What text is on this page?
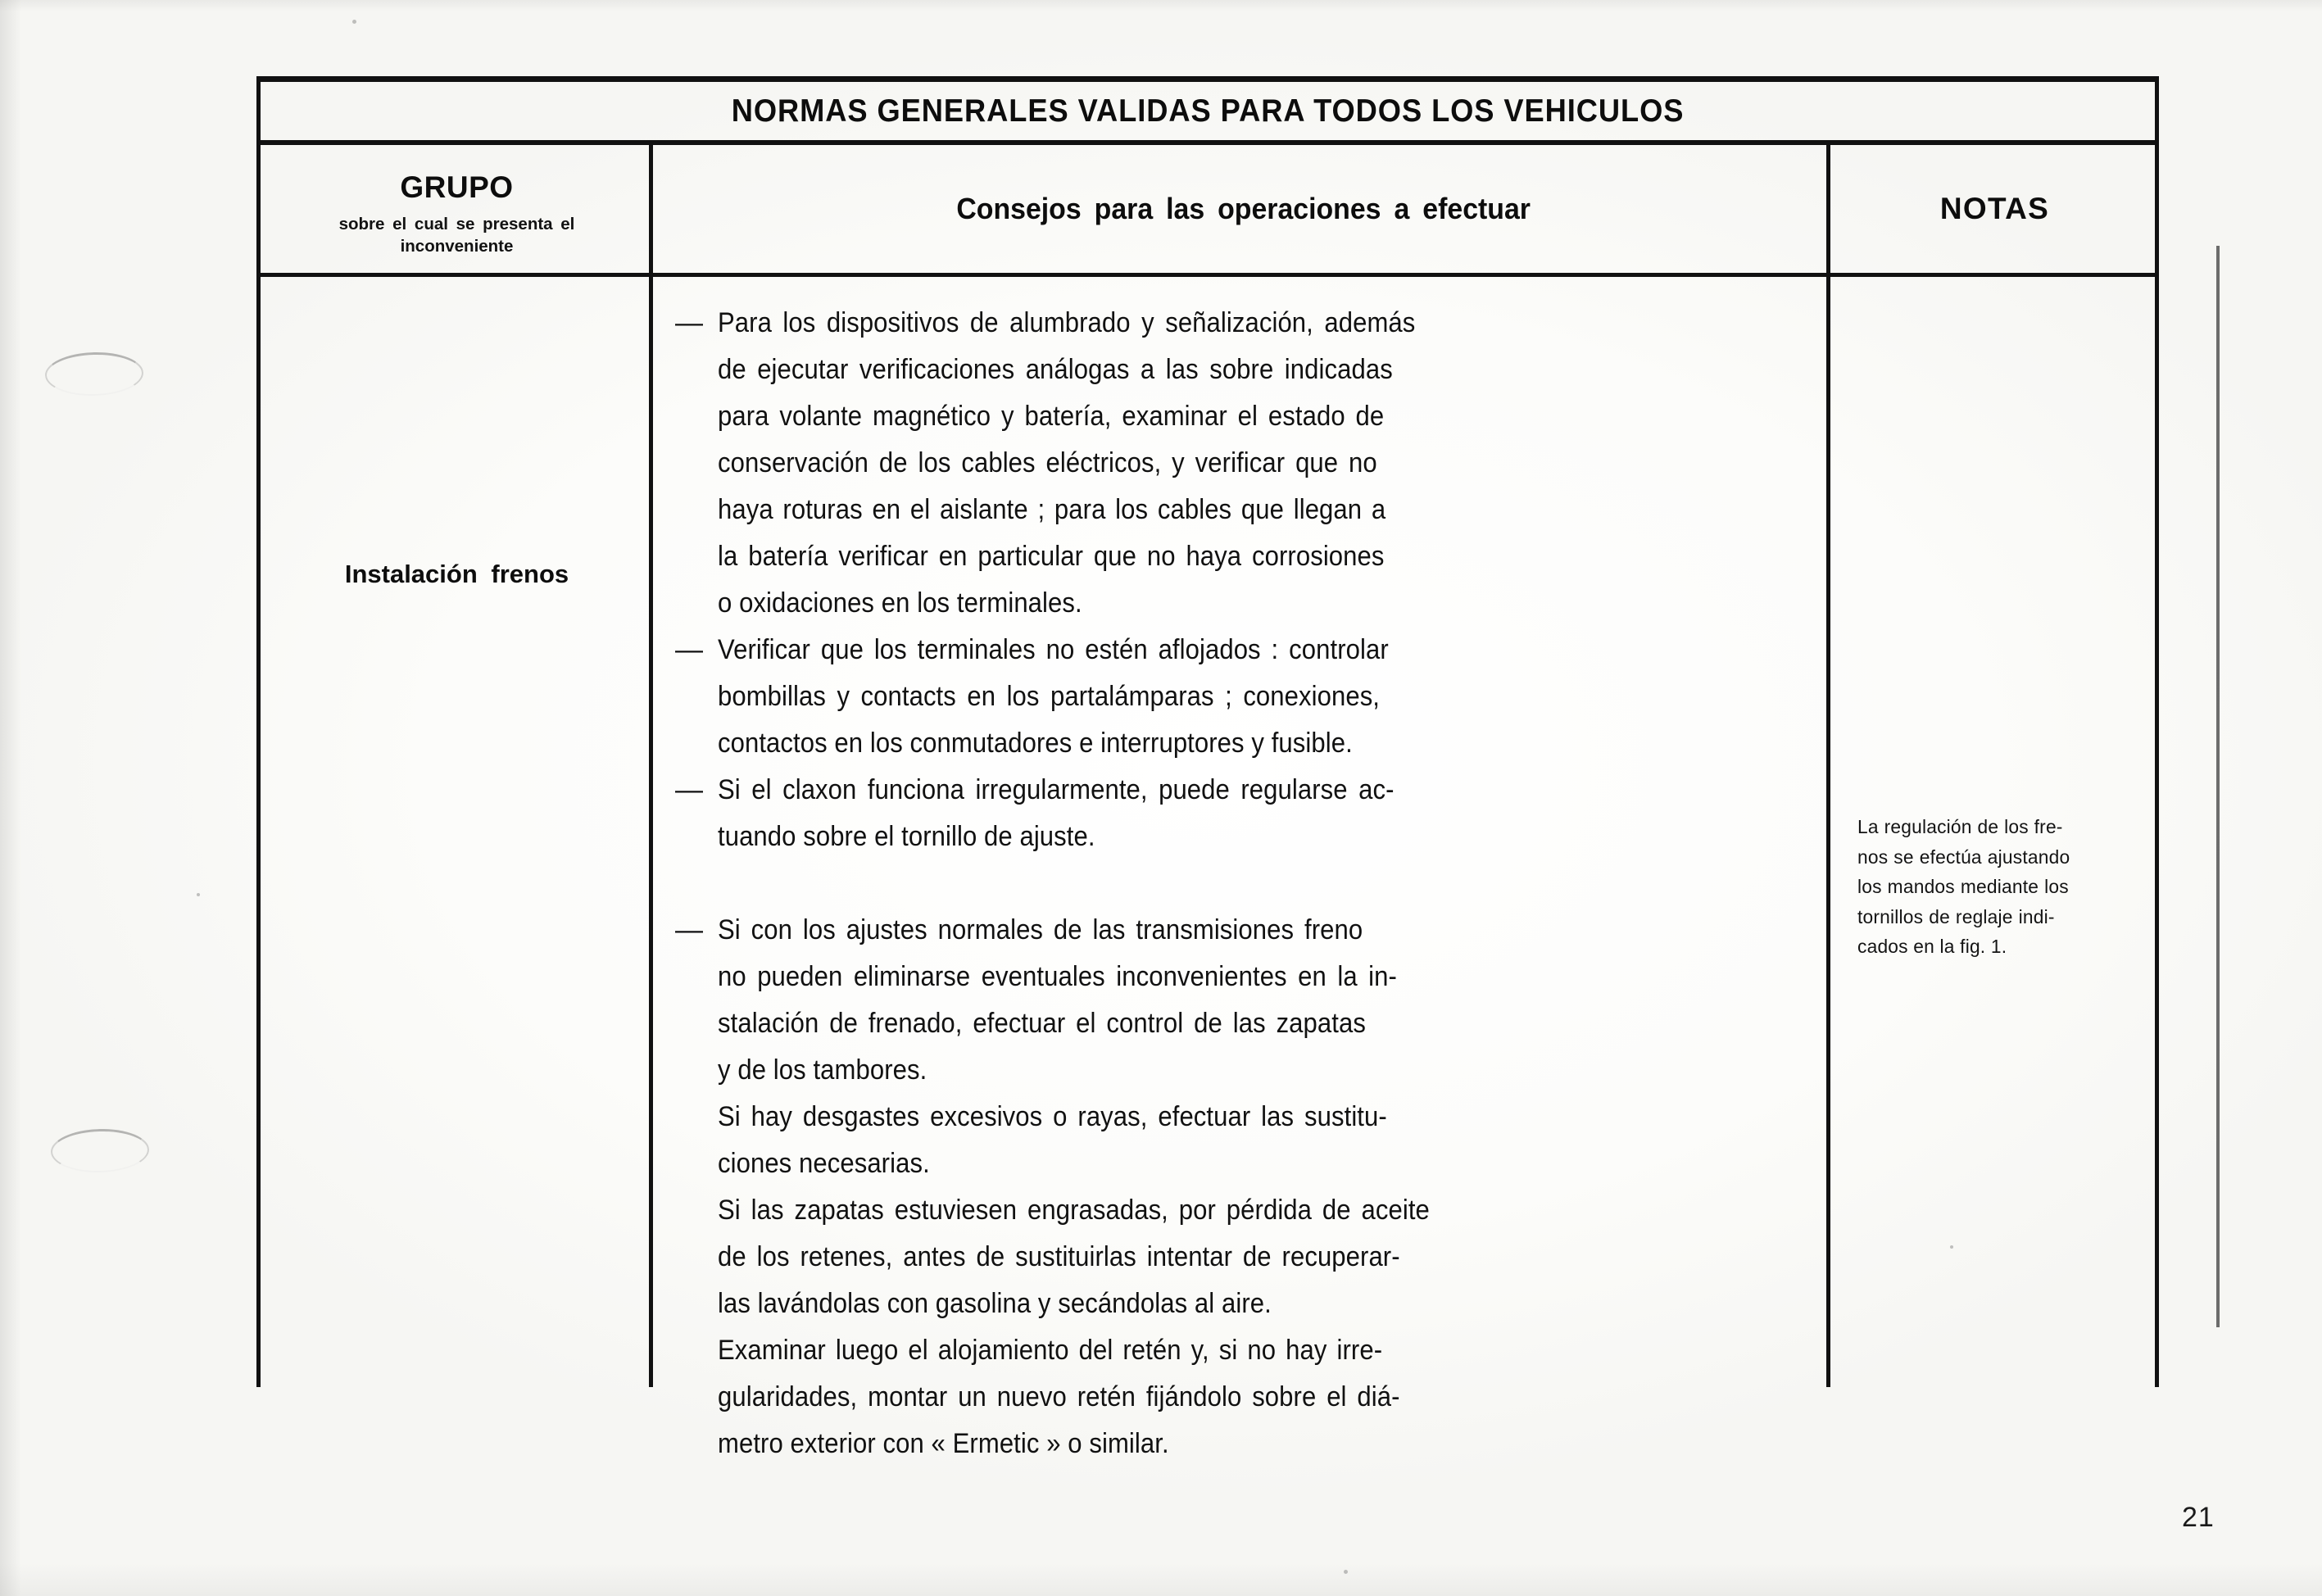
NORMAS GENERALES VALIDAS PARA TODOS LOS VEHICULOS
GRUPO
sobre el cual se presenta el
inconveniente
Consejos para las operaciones a efectuar	NOTAS
Instalación frenos
— Para los dispositivos de alumbrado y señalización, además
de ejecutar verificaciones análogas a las sobre indicadas
para volante magnético y batería, examinar el estado de
conservación de los cables eléctricos, y verificar que no
haya roturas en el aislante ; para los cables que llegan a
la batería verificar en particular que no haya corrosiones
o oxidaciones en los terminales.
— Verificar que los terminales no estén aflojados : controlar
bombillas y contacts en los partalámparas ; conexiones,
contactos en los conmutadores e interruptores y fusible.
— Si el claxon funciona irregularmente, puede regularse ac-
tuando sobre el tornillo de ajuste.
— Si con los ajustes normales de las transmisiones freno
no pueden eliminarse eventuales inconvenientes en la in-
stalación de frenado, efectuar el control de las zapatas
y de los tambores.
Si hay desgastes excesivos o rayas, efectuar las sustitu-
ciones necesarias.
Si las zapatas estuviesen engrasadas, por pérdida de aceite
de los retenes, antes de sustituirlas intentar de recuperar-
las lavándolas con gasolina y secándolas al aire.
Examinar luego el alojamiento del retén y, si no hay irre-
gularidades, montar un nuevo retén fijándolo sobre el diá-
metro exterior con « Ermetic » o similar.
La regulación de los fre-
nos se efectúa ajustando
los mandos mediante los
tornillos de reglaje indi-
cados en la fig. 1.
21
